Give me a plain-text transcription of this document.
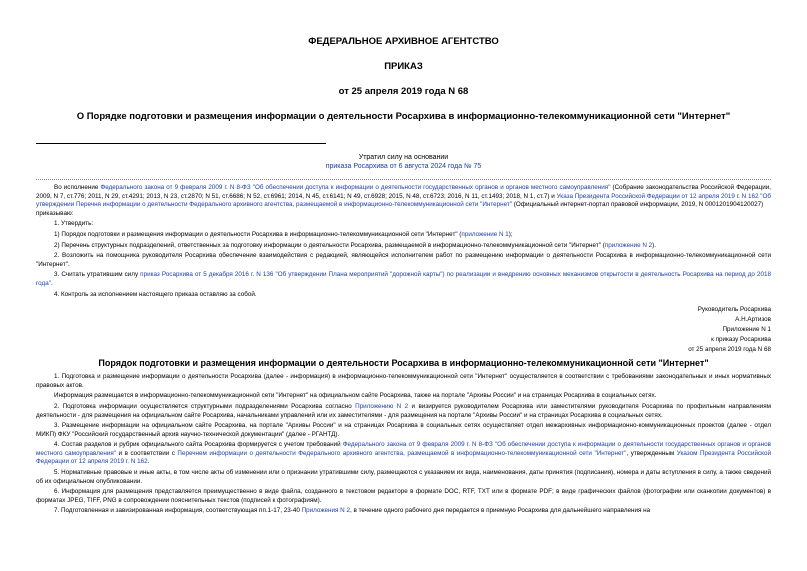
ФЕДЕРАЛЬНОЕ АРХИВНОЕ АГЕНТСТВО
ПРИКАЗ
от 25 апреля 2019 года N 68
О Порядке подготовки и размещения информации о деятельности Росархива в информационно-телекоммуникационной сети "Интернет"
Утратил силу на основании
приказа Росархива от 6 августа 2024 года № 75

Во исполнение Федерального закона от 9 февраля 2009 г. N 8-ФЗ "Об обеспечении доступа к информации о деятельности государственных органов и органов местного самоуправления" (Собрание законодательства Российской Федерации, 2009, N 7, ст.776; 2011, N 29, ст.4291; 2013, N 23, ст.2870; N 51, ст.6686; N 52, ст.6961; 2014, N 45, ст.6141; N 49, ст.6928; 2015, N 48, ст.6723; 2016, N 11, ст.1493; 2018, N 1, ст.7) и Указа Президента Российской Федерации от 12 апреля 2019 г. N 162 "Об утверждении Перечня информации о деятельности Федерального архивного агентства, размещаемой в информационно-телекоммуникационной сети "Интернет" (Официальный интернет-портал правовой информации, 2019, N 0001201904120027)

приказываю:

1. Утвердить:

1) Порядок подготовки и размещения информации о деятельности Росархива в информационно-телекоммуникационной сети "Интернет" (приложение N 1);

2) Перечень структурных подразделений, ответственных за подготовку информации о деятельности Росархива, размещаемой в информационно-телекоммуникационной сети "Интернет" (приложение N 2).

2. Возложить на помощника руководителя Росархива обеспечение взаимодействия с редакцией, являющейся исполнителем работ по размещению информации о деятельности Росархива в информационно-телекоммуникационной сети "Интернет".

3. Считать утратившим силу приказ Росархива от 5 декабря 2016 г. N 136 "Об утверждении Плана мероприятий "дорожной карты") по реализации и внедрению основных механизмов открытости в деятельность Росархива на период до 2018 года".

4. Контроль за исполнением настоящего приказа оставляю за собой.

Руководитель Росархива
А.Н.Артизов
Приложение N 1
к приказу Росархива
от 25 апреля 2019 года N 68
Порядок подготовки и размещения информации о деятельности Росархива в информационно-телекоммуникационной сети "Интернет"

1. Подготовка и размещение информации о деятельности Росархива (далее - информация) в информационно-телекоммуникационной сети "Интернет" осуществляется в соответствии с требованиями законодательных и иных нормативных правовых актов.

Информация размещается в информационно-телекоммуникационной сети "Интернет" на официальном сайте Росархива, также на портале "Архивы России" и на страницах Росархива в социальных сетях.

2. Подготовка информации осуществляется структурными подразделениями Росархива согласно Приложению N 2 и визируется руководителем Росархива или заместителями руководителя Росархива по профильным направлениям деятельности - для размещения на официальном сайте Росархива, начальниками управлений или их заместителями - для размещения на портале "Архивы России" и на страницах Росархива в социальных сетях.

3. Размещение информации на официальном сайте Росархива, на портале "Архивы России" и на страницах Росархива в социальных сетях осуществляет отдел межархивных информационно-коммуникационных проектов (далее - отдел МИКП) ФКУ "Российский государственный архив научно-технической документации" (далее - РГАНТД).

4. Состав разделов и рубрик официального сайта Росархива формируется с учетом требований Федерального закона от 9 февраля 2009 г. N 8-ФЗ "Об обеспечении доступа к информации о деятельности государственных органов и органов местного самоуправления" и в соответствии с Перечнем информации о деятельности Федерального архивного агентства, размещаемой в информационно-телекоммуникационной сети "Интернет", утвержденным Указом Президента Российской Федерации от 12 апреля 2019 г. N 162.

5. Нормативные правовые и иные акты, в том числе акты об изменении или о признании утратившими силу, размещаются с указанием их вида, наименования, даты принятия (подписания), номера и даты вступления в силу, а также сведений об их официальном опубликовании.

6. Информация для размещения представляется преимущественно в виде файла, созданного в текстовом редакторе в формате DOC, RTF, TXT или в формате PDF; в виде графических файлов (фотографии или сканкопии документов) в форматах JPEG, TIFF, PNG в сопровождении пояснительных текстов (подписей к фотографиям).

7. Подготовленная и завизированная информация, соответствующая пп.1-17, 23-40 Приложения N 2, в течение одного рабочего дня передается в приемную Росархива для дальнейшего направления на
